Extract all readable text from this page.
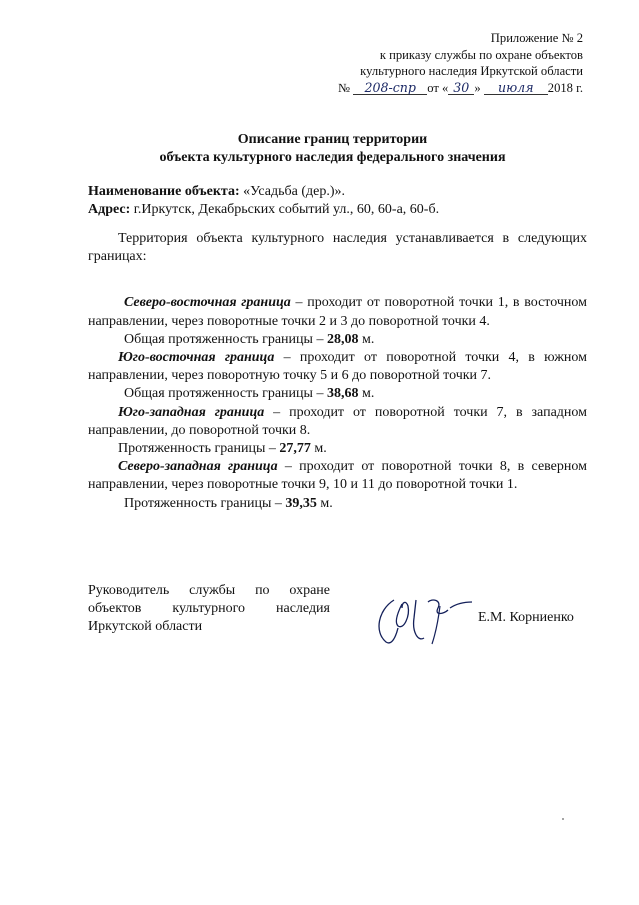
Приложение № 2
к приказу службы по охране объектов
культурного наследия Иркутской области
№ 208-спр от « 30 » июля 2018 г.
Описание границ территории
объекта культурного наследия федерального значения
Наименование объекта: «Усадьба (дер.)».
Адрес: г.Иркутск, Декабрьских событий ул., 60, 60-а, 60-б.

Территория объекта культурного наследия устанавливается в следующих границах:

Северо-восточная граница – проходит от поворотной точки 1, в восточном направлении, через поворотные точки 2 и 3 до поворотной точки 4.

Общая протяженность границы – 28,08 м.

Юго-восточная граница – проходит от поворотной точки 4, в южном направлении, через поворотную точку 5 и 6 до поворотной точки 7.

Общая протяженность границы – 38,68 м.

Юго-западная граница – проходит от поворотной точки 7, в западном направлении, до поворотной точки 8.

Протяженность границы – 27,77 м.

Северо-западная граница – проходит от поворотной точки 8, в северном направлении, через поворотные точки 9, 10 и 11 до поворотной точки 1.

Протяженность границы – 39,35 м.

Руководитель службы по охране
объектов культурного наследия
Иркутской области
Е.М. Корниенко
